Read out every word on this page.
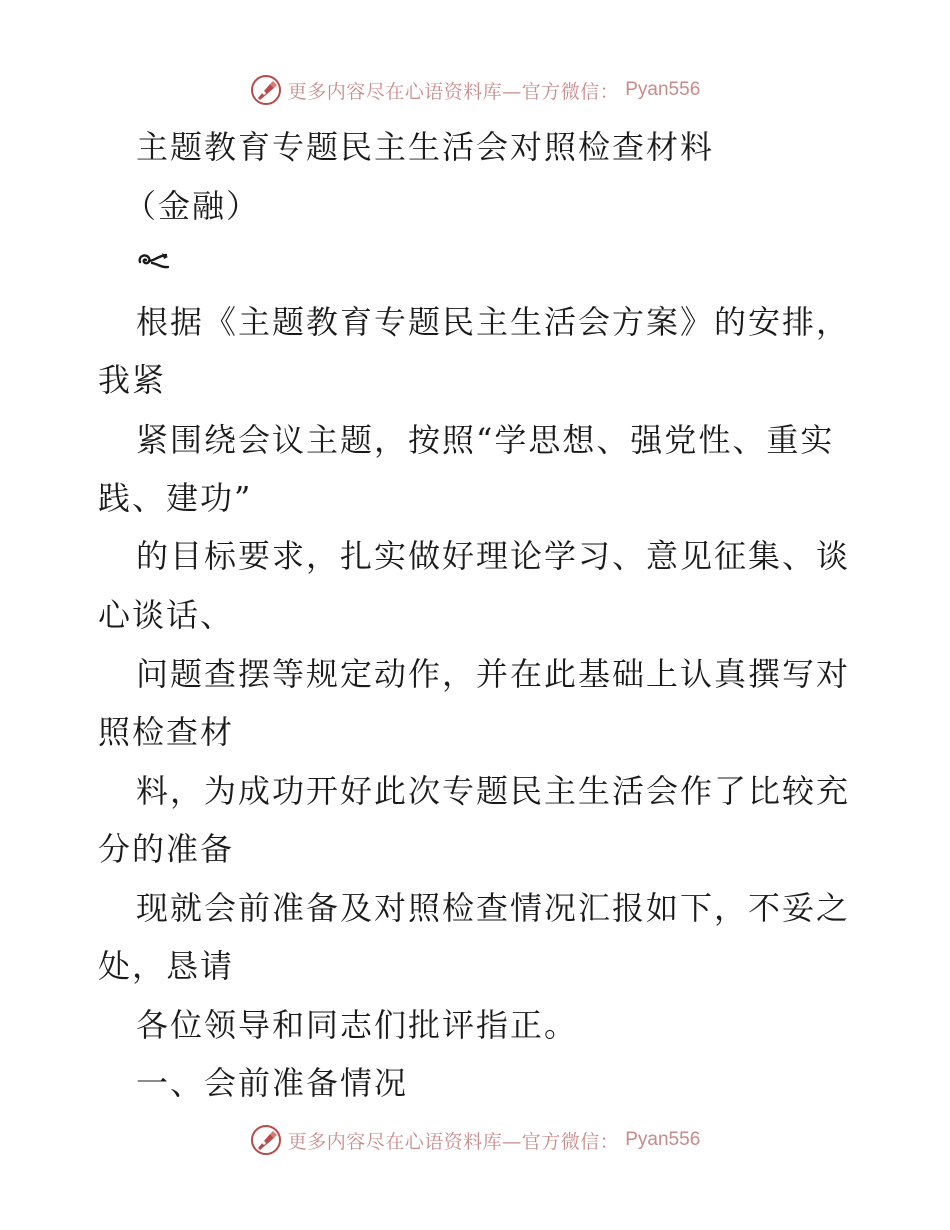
更多内容尽在心语资料库—官方微信： Pyan556
主题教育专题民主生活会对照检查材料
（金融）
根据《主题教育专题民主生活会方案》的安排，
我紧
紧围绕会议主题，按照“学思想、强党性、重实
践、建功”
的目标要求，扎实做好理论学习、意见征集、谈
心谈话、
问题查摆等规定动作，并在此基础上认真撰写对
照检查材
料，为成功开好此次专题民主生活会作了比较充
分的准备
现就会前准备及对照检查情况汇报如下，不妥之
处，恳请
各位领导和同志们批评指正。
一、会前准备情况
更多内容尽在心语资料库—官方微信： Pyan556
